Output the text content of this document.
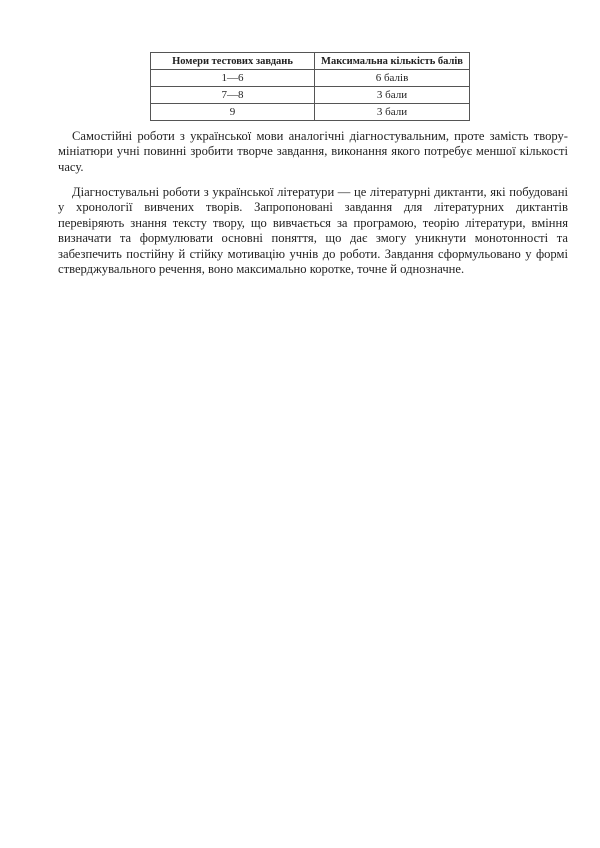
Номери тестових завдань	Максимальна кількість балів
1—6	6 балів
7—8	3 бали
9	3 бали

Самостійні роботи з української мови аналогічні діагностувальним, проте замість твору-мініатюри учні повинні зробити творче завдання, виконання якого потребує меншої кількості часу.

Діагностувальні роботи з української літератури — це літературні диктанти, які побудовані у хронології вивчених творів. Запропоновані завдання для літературних диктантів перевіряють знання тексту твору, що вивчається за програмою, теорію літератури, вміння визначати та формулювати основні поняття, що дає змогу уникнути монотонності та забезпечить постійну й стійку мотивацію учнів до роботи. Завдання сформульовано у формі стверджувального речення, воно максимально коротке, точне й однозначне.
